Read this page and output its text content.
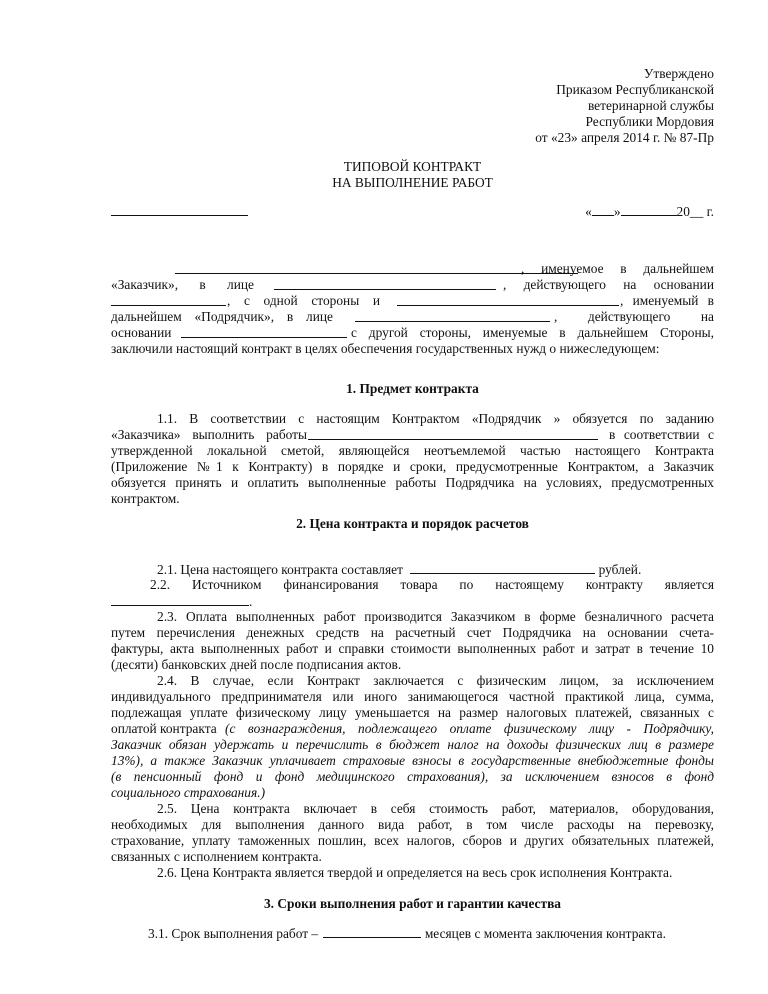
Утверждено
Приказом Республиканской
ветеринарной службы
Республики Мордовия
от «23» апреля 2014 г. № 87-Пр
ТИПОВОЙ КОНТРАКТ
НА ВЫПОЛНЕНИЕ РАБОТ
« »	20__ г.
, именуемое в дальнейшем
«Заказчик», в лице	, действующего на основании
, с одной стороны и	, именуемый в
дальнейшем «Подрядчик», в лице	, действующего на
основании	с другой стороны, именуемые в дальнейшем Стороны,
заключили настоящий контракт в целях обеспечения государственных нужд о нижеследующем:
1. Предмет контракта
1.1. В соответствии с настоящим Контрактом «Подрядчик » обязуется по заданию
«Заказчика» выполнить работы	в соответствии с
утвержденной локальной сметой, являющейся неотъемлемой частью настоящего Контракта
(Приложение №1 к Контракту) в порядке и сроки, предусмотренные Контрактом, а Заказчик
обязуется принять и оплатить выполненные работы Подрядчика на условиях, предусмотренных
контрактом.
2. Цена контракта и порядок расчетов
2.1. Цена настоящего контракта составляет	рублей.
2.2. Источником финансирования товара по настоящему контракту является
.
2.3. Оплата выполненных работ производится Заказчиком в форме безналичного расчета
путем перечисления денежных средств на расчетный счет Подрядчика на основании счета-
фактуры, акта выполненных работ и справки стоимости выполненных работ и затрат в течение 10
(десяти) банковских дней после подписания актов.
2.4. В случае, если Контракт заключается с физическим лицом, за исключением
индивидуального предпринимателя или иного занимающегося частной практикой лица, сумма,
подлежащая уплате физическому лицу уменьшается на размер налоговых платежей, связанных с
оплатой контракта (с вознаграждения, подлежащего оплате физическому лицу - Подрядчику,
Заказчик обязан удержать и перечислить в бюджет налог на доходы физических лиц в размере
13%), а также Заказчик уплачивает страховые взносы в государственные внебюджетные фонды
(в пенсионный фонд и фонд медицинского страхования), за исключением взносов в фонд
социального страхования.)
2.5. Цена контракта включает в себя стоимость работ, материалов, оборудования,
необходимых для выполнения данного вида работ, в том числе расходы на перевозку,
страхование, уплату таможенных пошлин, всех налогов, сборов и других обязательных платежей,
связанных с исполнением контракта.
2.6. Цена Контракта является твердой и определяется на весь срок исполнения Контракта.
3. Сроки выполнения работ и гарантии качества
3.1. Срок выполнения работ –	месяцев с момента заключения контракта.
